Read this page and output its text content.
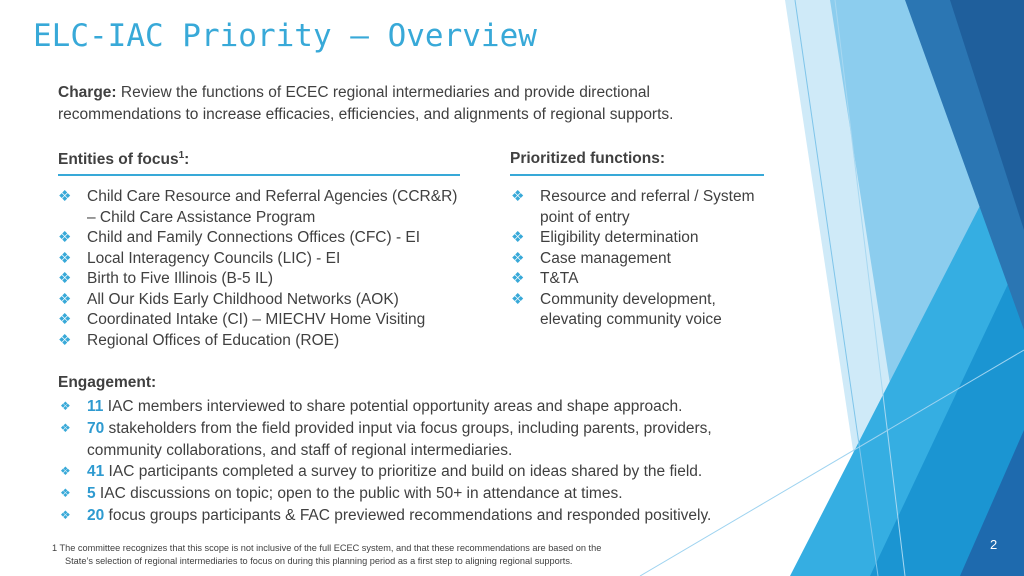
ELC-IAC Priority – Overview
Charge: Review the functions of ECEC regional intermediaries and provide directional recommendations to increase efficacies, efficiencies, and alignments of regional supports.
Entities of focus$^1$:	Prioritized functions:
❖ Child Care Resource and Referral Agencies (CCR&R) – Child Care Assistance Program
❖ Child and Family Connections Offices (CFC) - EI
❖ Local Interagency Councils (LIC) - EI
❖ Birth to Five Illinois (B-5 IL)
❖ All Our Kids Early Childhood Networks (AOK)
❖ Coordinated Intake (CI) – MIECHV Home Visiting
❖ Regional Offices of Education (ROE)
❖ Resource and referral / System point of entry
❖ Eligibility determination
❖ Case management
❖ T&TA
❖ Community development, elevating community voice
Engagement:
❖ 11 IAC members interviewed to share potential opportunity areas and shape approach.
❖ 70 stakeholders from the field provided input via focus groups, including parents, providers, community collaborations, and staff of regional intermediaries.
❖ 41 IAC participants completed a survey to prioritize and build on ideas shared by the field.
❖ 5 IAC discussions on topic; open to the public with 50+ in attendance at times.
❖ 20 focus groups participants & FAC previewed recommendations and responded positively.
1 The committee recognizes that this scope is not inclusive of the full ECEC system, and that these recommendations are based on the
State’s selection of regional intermediaries to focus on during this planning period as a first step to aligning regional supports.
2
